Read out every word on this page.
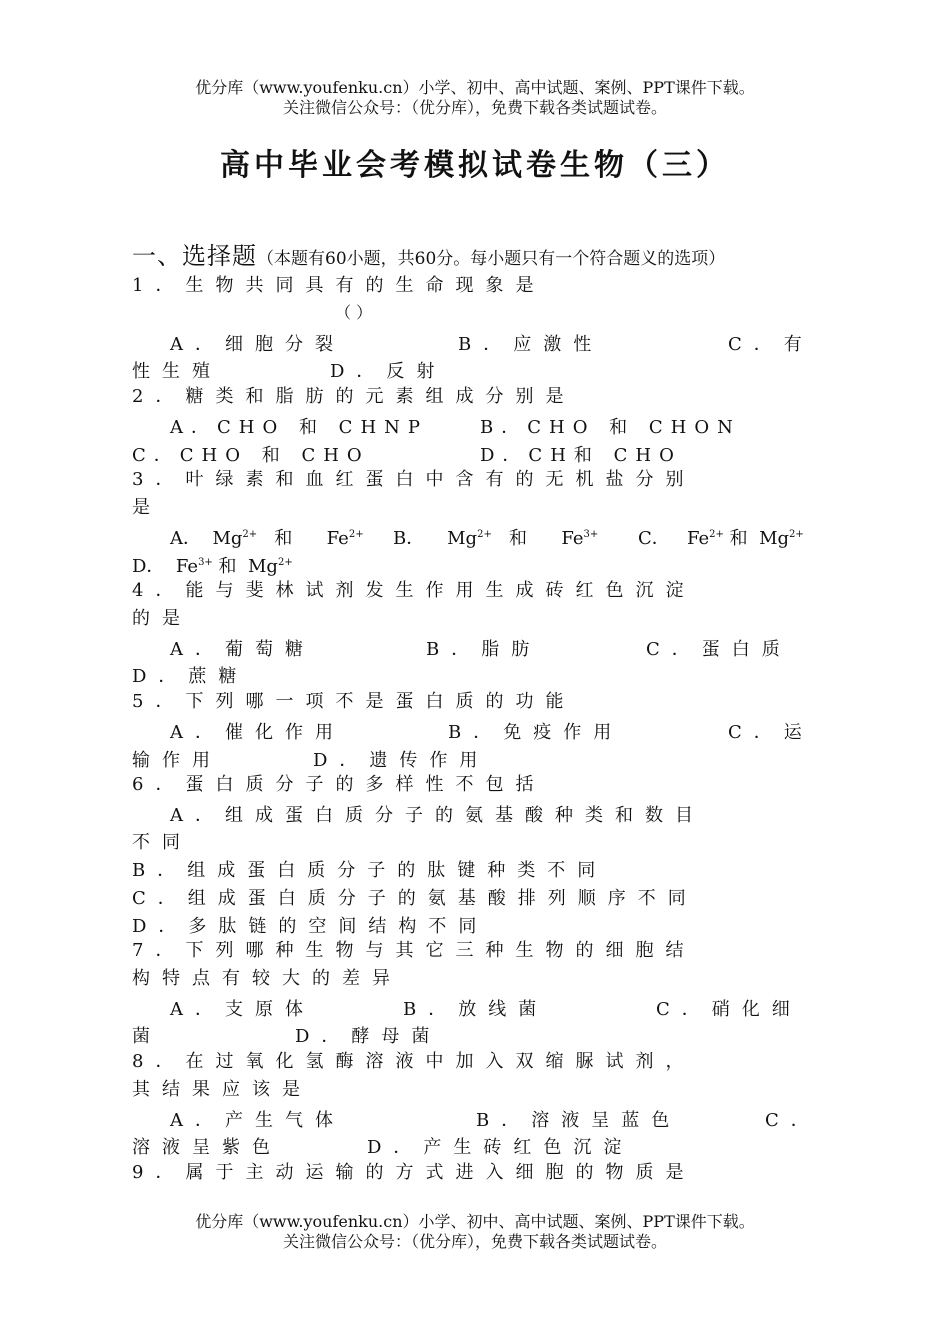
优分库（www.youfenku.cn）小学、初中、高中试题、案例、PPT课件下载。
关注微信公众号：（优分库），免费下载各类试题试卷。
高中毕业会考模拟试卷生物（三）
一、选择题（本题有60小题，共60分。每小题只有一个符合题义的选项）
1．生物共同具有的生命现象是
（ ）
A．细胞分裂	B．应激性	C．有
性生殖	D．反射
2．糖类和脂肪的元素组成分别是
A．CHO 和 CHNP	B．CHO 和 CHON
C．CHO 和 CHO	D．CH和 CHO
3．叶绿素和血红蛋白中含有的无机盐分别
是
A． $Mg^{2+}$ 和 $Fe^{2+}$ B． $Mg^{2+}$ 和 $Fe^{3+}$ C． $Fe^{2+}$ 和 $Mg^{2+}$
D． $Fe^{3+}$ 和 $Mg^{2+}$
4．能与斐林试剂发生作用生成砖红色沉淀
的是
A．葡萄糖	B．脂肪	C．蛋白质
D．蔗糖
5．下列哪一项不是蛋白质的功能
A．催化作用	B．免疫作用	C．运
输作用	D．遗传作用
6．蛋白质分子的多样性不包括
A．组成蛋白质分子的氨基酸种类和数目
不同
B．组成蛋白质分子的肽键种类不同
C．组成蛋白质分子的氨基酸排列顺序不同
D．多肽链的空间结构不同
7．下列哪种生物与其它三种生物的细胞结
构特点有较大的差异
A．支原体	B．放线菌	C．硝化细
菌	D．酵母菌
8．在过氧化氢酶溶液中加入双缩脲试剂，
其结果应该是
A．产生气体	B．溶液呈蓝色	C．
溶液呈紫色	D．产生砖红色沉淀
9．属于主动运输的方式进入细胞的物质是
优分库（www.youfenku.cn）小学、初中、高中试题、案例、PPT课件下载。
关注微信公众号：（优分库），免费下载各类试题试卷。
